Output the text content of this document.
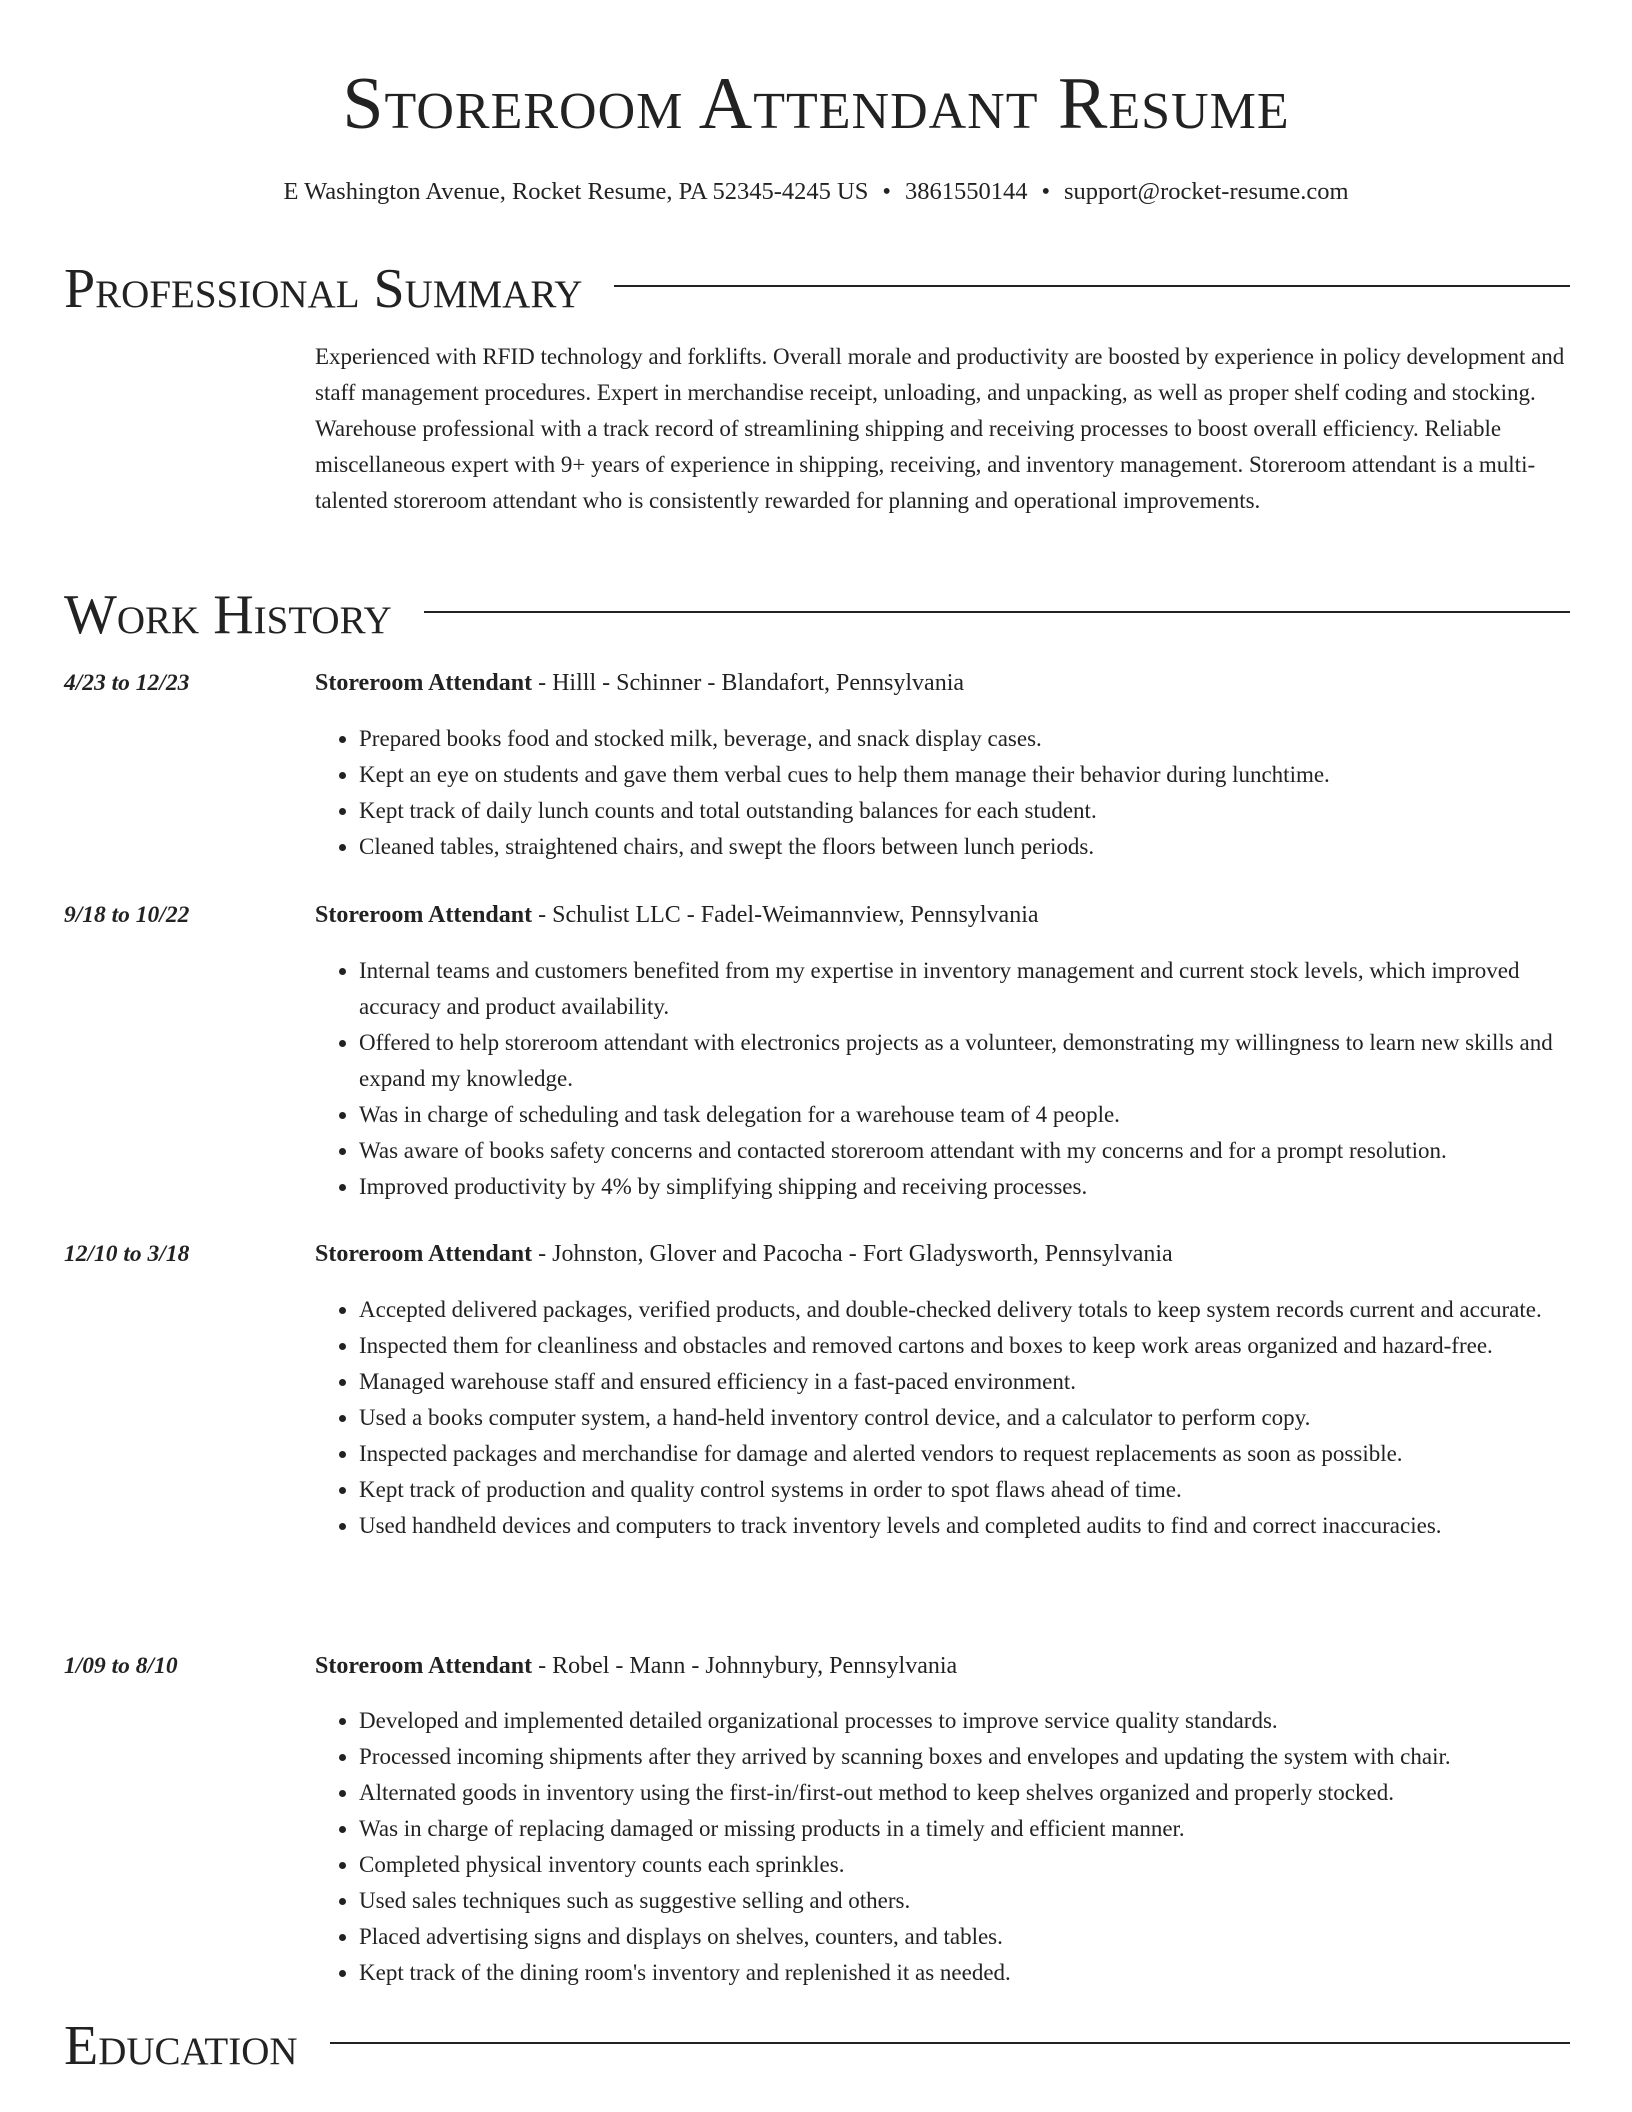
Storeroom Attendant Resume
E Washington Avenue, Rocket Resume, PA 52345-4245 US • 3861550144 • support@rocket-resume.com
Professional Summary
Experienced with RFID technology and forklifts. Overall morale and productivity are boosted by experience in policy development and staff management procedures. Expert in merchandise receipt, unloading, and unpacking, as well as proper shelf coding and stocking. Warehouse professional with a track record of streamlining shipping and receiving processes to boost overall efficiency. Reliable miscellaneous expert with 9+ years of experience in shipping, receiving, and inventory management. Storeroom attendant is a multi-talented storeroom attendant who is consistently rewarded for planning and operational improvements.
Work History
4/23 to 12/23	Storeroom Attendant - Hilll - Schinner - Blandafort, Pennsylvania
• Prepared books food and stocked milk, beverage, and snack display cases.
• Kept an eye on students and gave them verbal cues to help them manage their behavior during lunchtime.
• Kept track of daily lunch counts and total outstanding balances for each student.
• Cleaned tables, straightened chairs, and swept the floors between lunch periods.
9/18 to 10/22	Storeroom Attendant - Schulist LLC - Fadel-Weimannview, Pennsylvania
• Internal teams and customers benefited from my expertise in inventory management and current stock levels, which improved accuracy and product availability.
• Offered to help storeroom attendant with electronics projects as a volunteer, demonstrating my willingness to learn new skills and expand my knowledge.
• Was in charge of scheduling and task delegation for a warehouse team of 4 people.
• Was aware of books safety concerns and contacted storeroom attendant with my concerns and for a prompt resolution.
• Improved productivity by 4% by simplifying shipping and receiving processes.
12/10 to 3/18	Storeroom Attendant - Johnston, Glover and Pacocha - Fort Gladysworth, Pennsylvania
• Accepted delivered packages, verified products, and double-checked delivery totals to keep system records current and accurate.
• Inspected them for cleanliness and obstacles and removed cartons and boxes to keep work areas organized and hazard-free.
• Managed warehouse staff and ensured efficiency in a fast-paced environment.
• Used a books computer system, a hand-held inventory control device, and a calculator to perform copy.
• Inspected packages and merchandise for damage and alerted vendors to request replacements as soon as possible.
• Kept track of production and quality control systems in order to spot flaws ahead of time.
• Used handheld devices and computers to track inventory levels and completed audits to find and correct inaccuracies.
1/09 to 8/10	Storeroom Attendant - Robel - Mann - Johnnybury, Pennsylvania
• Developed and implemented detailed organizational processes to improve service quality standards.
• Processed incoming shipments after they arrived by scanning boxes and envelopes and updating the system with chair.
• Alternated goods in inventory using the first-in/first-out method to keep shelves organized and properly stocked.
• Was in charge of replacing damaged or missing products in a timely and efficient manner.
• Completed physical inventory counts each sprinkles.
• Used sales techniques such as suggestive selling and others.
• Placed advertising signs and displays on shelves, counters, and tables.
• Kept track of the dining room's inventory and replenished it as needed.
Education
